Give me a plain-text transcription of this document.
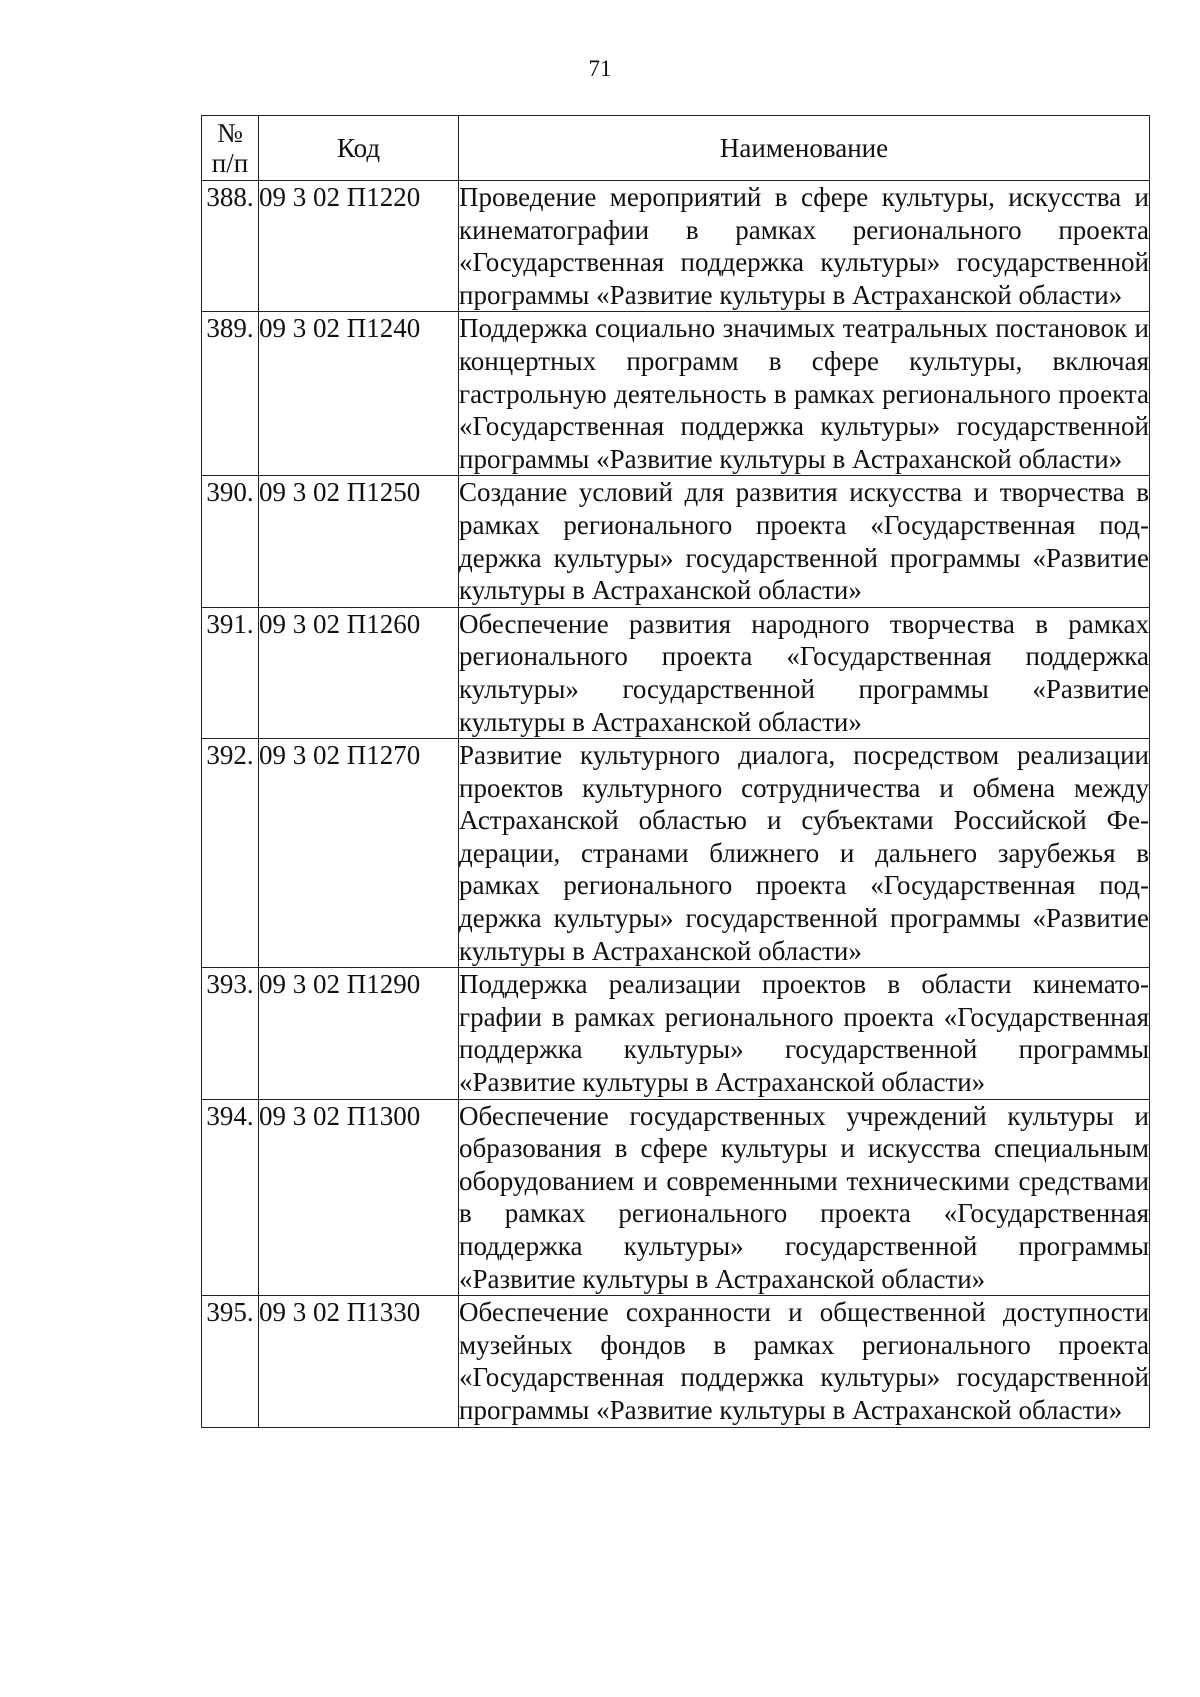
71
№
п/п	Код	Наименование
388.	09 3 02 П1220	Проведение мероприятий в сфере культуры, искусства и кинематографии в рамках регионального проекта «Государственная поддержка культуры» государственной программы «Развитие культуры в Астраханской области»
389.	09 3 02 П1240	Поддержка социально значимых театральных постановок и концертных программ в сфере культуры, включая гастрольную деятельность в рамках регионального проекта «Государственная поддержка культуры» государственной программы «Развитие культуры в Астраханской области»
390.	09 3 02 П1250	Создание условий для развития искусства и творчества в рамках регионального проекта «Государственная поддержка культуры» государственной программы «Развитие культуры в Астраханской области»
391.	09 3 02 П1260	Обеспечение развития народного творчества в рамках регионального проекта «Государственная поддержка культуры» государственной программы «Развитие культуры в Астраханской области»
392.	09 3 02 П1270	Развитие культурного диалога, посредством реализации проектов культурного сотрудничества и обмена между Астраханской областью и субъектами Российской Федерации, странами ближнего и дальнего зарубежья в рамках регионального проекта «Государственная поддержка культуры» государственной программы «Развитие культуры в Астраханской области»
393.	09 3 02 П1290	Поддержка реализации проектов в области кинематографии в рамках регионального проекта «Государственная поддержка культуры» государственной программы «Развитие культуры в Астраханской области»
394.	09 3 02 П1300	Обеспечение государственных учреждений культуры и образования в сфере культуры и искусства специальным оборудованием и современными техническими средствами в рамках регионального проекта «Государственная поддержка культуры» государственной программы «Развитие культуры в Астраханской области»
395.	09 3 02 П1330	Обеспечение сохранности и общественной доступности музейных фондов в рамках регионального проекта «Государственная поддержка культуры» государственной программы «Развитие культуры в Астраханской области»
